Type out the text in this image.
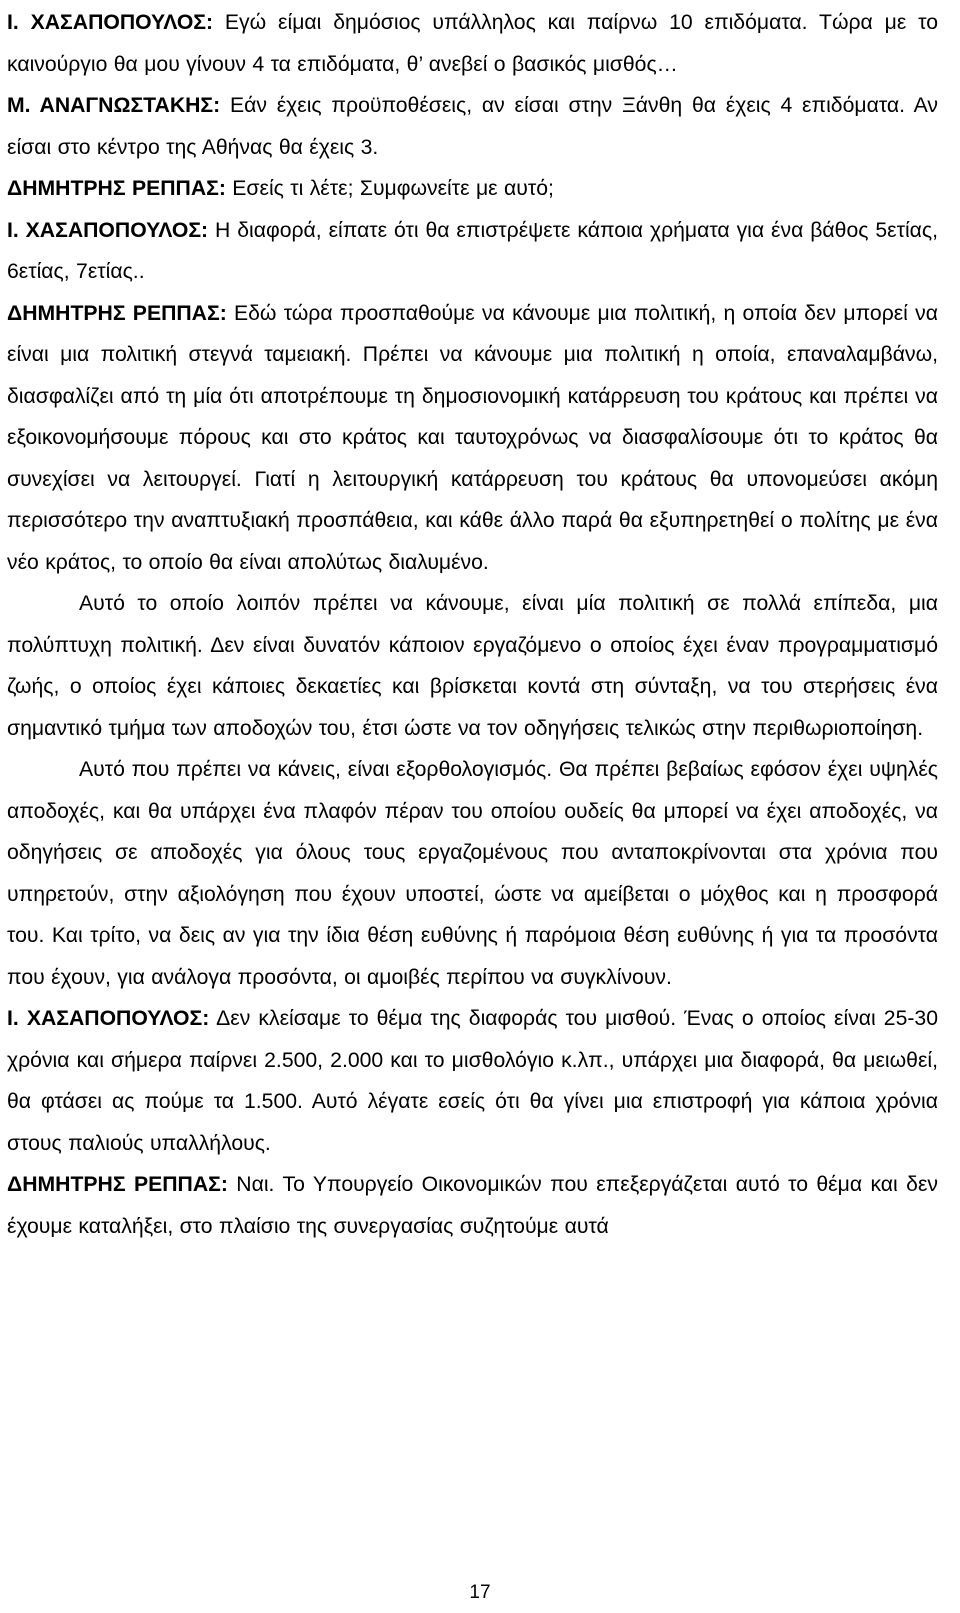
Ι. ΧΑΣΑΠΟΠΟΥΛΟΣ: Εγώ είμαι δημόσιος υπάλληλος και παίρνω 10 επιδόματα. Τώρα με το καινούργιο θα μου γίνουν 4 τα επιδόματα, θ’ ανεβεί ο βασικός μισθός…

Μ. ΑΝΑΓΝΩΣΤΑΚΗΣ: Εάν έχεις προϋποθέσεις, αν είσαι στην Ξάνθη θα έχεις 4 επιδόματα. Αν είσαι στο κέντρο της Αθήνας θα έχεις 3.

ΔΗΜΗΤΡΗΣ ΡΕΠΠΑΣ: Εσείς τι λέτε; Συμφωνείτε με αυτό;

Ι. ΧΑΣΑΠΟΠΟΥΛΟΣ: Η διαφορά, είπατε ότι θα επιστρέψετε κάποια χρήματα για ένα βάθος 5ετίας, 6ετίας, 7ετίας..

ΔΗΜΗΤΡΗΣ ΡΕΠΠΑΣ: Εδώ τώρα προσπαθούμε να κάνουμε μια πολιτική, η οποία δεν μπορεί να είναι μια πολιτική στεγνά ταμειακή. Πρέπει να κάνουμε μια πολιτική η οποία, επαναλαμβάνω, διασφαλίζει από τη μία ότι αποτρέπουμε τη δημοσιονομική κατάρρευση του κράτους και πρέπει να εξοικονομήσουμε πόρους και στο κράτος και ταυτοχρόνως να διασφαλίσουμε ότι το κράτος θα συνεχίσει να λειτουργεί. Γιατί η λειτουργική κατάρρευση του κράτους θα υπονομεύσει ακόμη περισσότερο την αναπτυξιακή προσπάθεια, και κάθε άλλο παρά θα εξυπηρετηθεί ο πολίτης με ένα νέο κράτος, το οποίο θα είναι απολύτως διαλυμένο.

Αυτό το οποίο λοιπόν πρέπει να κάνουμε, είναι μία πολιτική σε πολλά επίπεδα, μια πολύπτυχη πολιτική. Δεν είναι δυνατόν κάποιον εργαζόμενο ο οποίος έχει έναν προγραμματισμό ζωής, ο οποίος έχει κάποιες δεκαετίες και βρίσκεται κοντά στη σύνταξη, να του στερήσεις ένα σημαντικό τμήμα των αποδοχών του, έτσι ώστε να τον οδηγήσεις τελικώς στην περιθωριοποίηση.

Αυτό που πρέπει να κάνεις, είναι εξορθολογισμός. Θα πρέπει βεβαίως εφόσον έχει υψηλές αποδοχές, και θα υπάρχει ένα πλαφόν πέραν του οποίου ουδείς θα μπορεί να έχει αποδοχές, να οδηγήσεις σε αποδοχές για όλους τους εργαζομένους που ανταποκρίνονται στα χρόνια που υπηρετούν, στην αξιολόγηση που έχουν υποστεί, ώστε να αμείβεται ο μόχθος και η προσφορά του. Και τρίτο, να δεις αν για την ίδια θέση ευθύνης ή παρόμοια θέση ευθύνης ή για τα προσόντα που έχουν, για ανάλογα προσόντα, οι αμοιβές περίπου να συγκλίνουν.

Ι. ΧΑΣΑΠΟΠΟΥΛΟΣ: Δεν κλείσαμε το θέμα της διαφοράς του μισθού. Ένας ο οποίος είναι 25-30 χρόνια και σήμερα παίρνει 2.500, 2.000 και το μισθολόγιο κ.λπ., υπάρχει μια διαφορά, θα μειωθεί, θα φτάσει ας πούμε τα 1.500. Αυτό λέγατε εσείς ότι θα γίνει μια επιστροφή για κάποια χρόνια στους παλιούς υπαλλήλους.

ΔΗΜΗΤΡΗΣ ΡΕΠΠΑΣ: Ναι. Το Υπουργείο Οικονομικών που επεξεργάζεται αυτό το θέμα και δεν έχουμε καταλήξει, στο πλαίσιο της συνεργασίας συζητούμε αυτά

17
